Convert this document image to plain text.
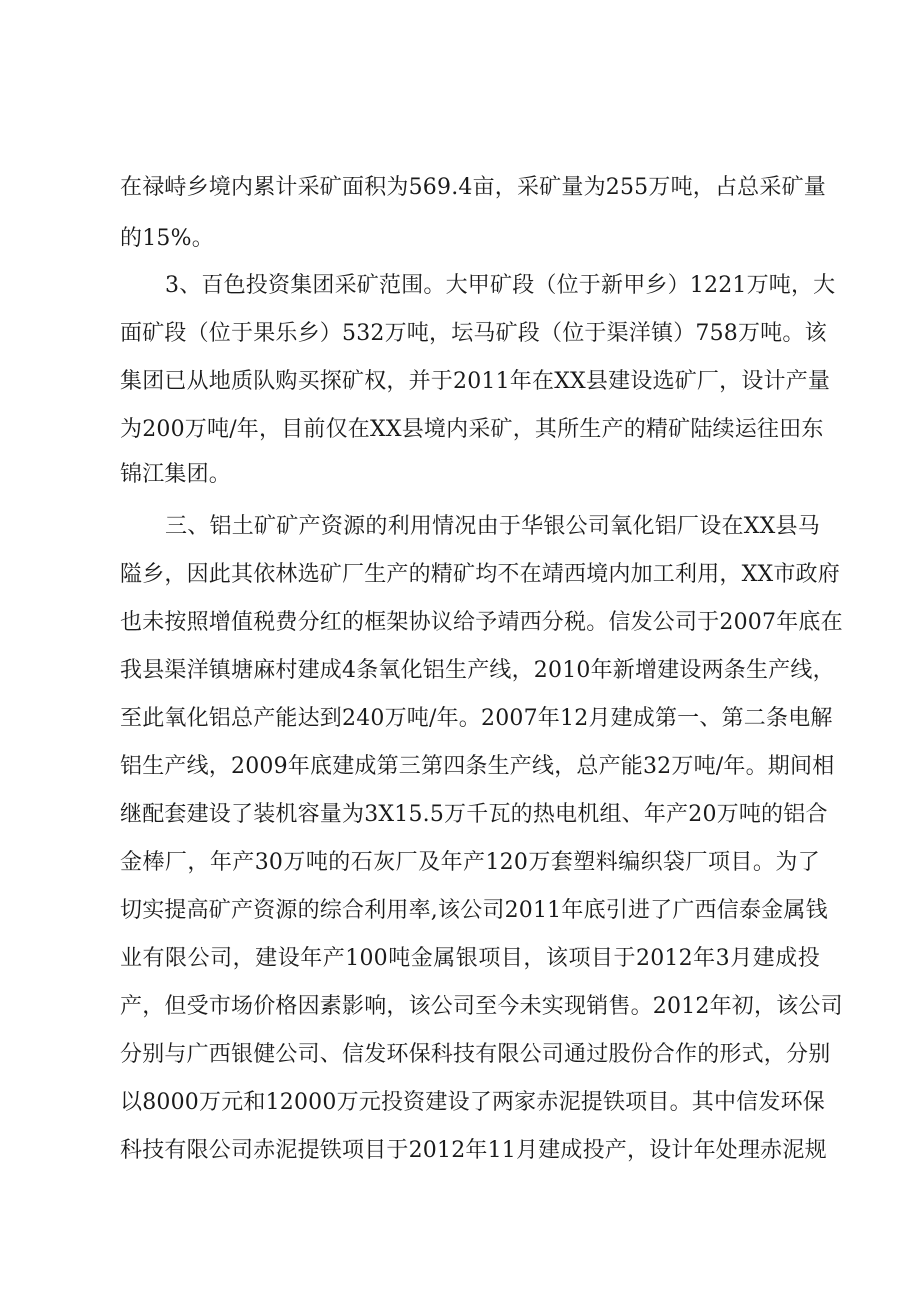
在禄峙乡境内累计采矿面积为569.4亩，采矿量为255万吨，占总采矿量
的15%。
3、百色投资集团采矿范围。大甲矿段（位于新甲乡）1221万吨，大
面矿段（位于果乐乡）532万吨，坛马矿段（位于渠洋镇）758万吨。该
集团已从地质队购买探矿权，并于2011年在XX县建设选矿厂，设计产量
为200万吨/年，目前仅在XX县境内采矿，其所生产的精矿陆续运往田东
锦江集团。
三、铝土矿矿产资源的利用情况由于华银公司氧化铝厂设在XX县马
隘乡，因此其依林选矿厂生产的精矿均不在靖西境内加工利用，XX市政府
也未按照增值税费分红的框架协议给予靖西分税。信发公司于2007年底在
我县渠洋镇塘麻村建成4条氧化铝生产线，2010年新增建设两条生产线，
至此氧化铝总产能达到240万吨/年。2007年12月建成第一、第二条电解
铝生产线，2009年底建成第三第四条生产线，总产能32万吨/年。期间相
继配套建设了装机容量为3X15.5万千瓦的热电机组、年产20万吨的铝合
金棒厂，年产30万吨的石灰厂及年产120万套塑料编织袋厂项目。为了
切实提高矿产资源的综合利用率,该公司2011年底引进了广西信泰金属钱
业有限公司，建设年产100吨金属银项目，该项目于2012年3月建成投
产，但受市场价格因素影响，该公司至今未实现销售。2012年初，该公司
分别与广西银健公司、信发环保科技有限公司通过股份合作的形式，分别
以8000万元和12000万元投资建设了两家赤泥提铁项目。其中信发环保
科技有限公司赤泥提铁项目于2012年11月建成投产，设计年处理赤泥规
